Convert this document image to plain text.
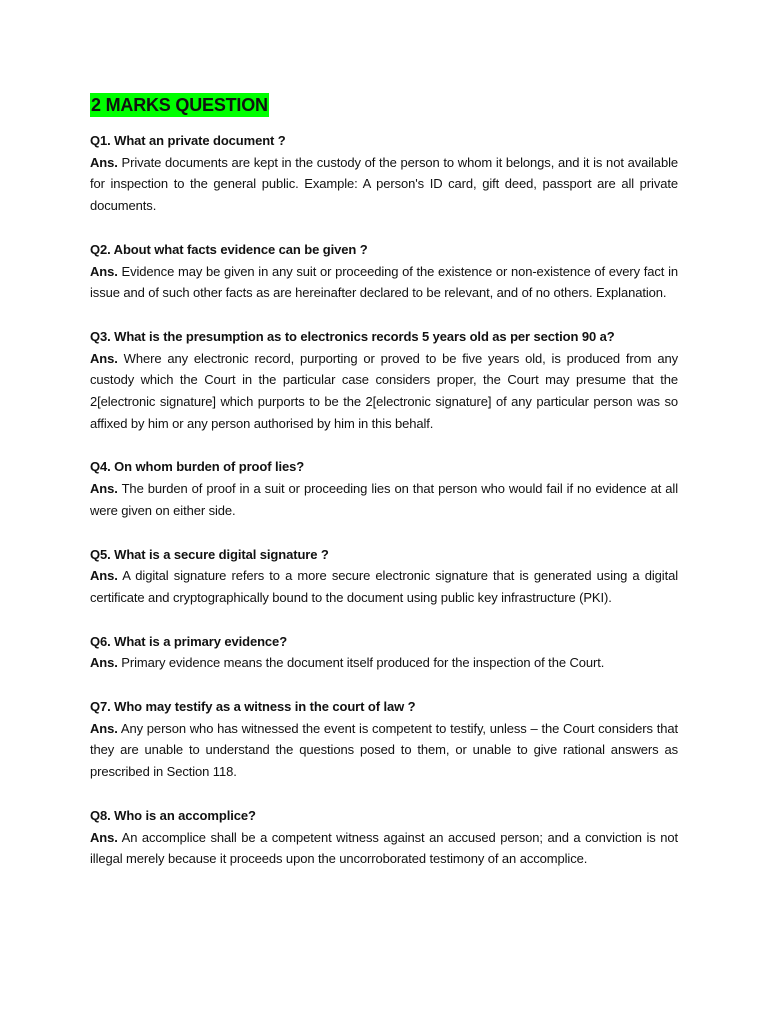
2 MARKS QUESTION
Q1. What an private document ?
Ans. Private documents are kept in the custody of the person to whom it belongs, and it is not available for inspection to the general public. Example: A person's ID card, gift deed, passport are all private documents.
Q2. About what facts evidence can be given ?
Ans. Evidence may be given in any suit or proceeding of the existence or non-existence of every fact in issue and of such other facts as are hereinafter declared to be relevant, and of no others. Explanation.
Q3. What is the presumption as to electronics records 5 years old as per section 90 a?
Ans. Where any electronic record, purporting or proved to be five years old, is produced from any custody which the Court in the particular case considers proper, the Court may presume that the 2[electronic signature] which purports to be the 2[electronic signature] of any particular person was so affixed by him or any person authorised by him in this behalf.
Q4. On whom burden of proof lies?
Ans. The burden of proof in a suit or proceeding lies on that person who would fail if no evidence at all were given on either side.
Q5. What is a secure digital signature ?
Ans. A digital signature refers to a more secure electronic signature that is generated using a digital certificate and cryptographically bound to the document using public key infrastructure (PKI).
Q6. What is a primary evidence?
Ans. Primary evidence means the document itself produced for the inspection of the Court.
Q7. Who may testify as a witness in the court of law ?
Ans. Any person who has witnessed the event is competent to testify, unless – the Court considers that they are unable to understand the questions posed to them, or unable to give rational answers as prescribed in Section 118.
Q8. Who is an accomplice?
Ans. An accomplice shall be a competent witness against an accused person; and a conviction is not illegal merely because it proceeds upon the uncorroborated testimony of an accomplice.
